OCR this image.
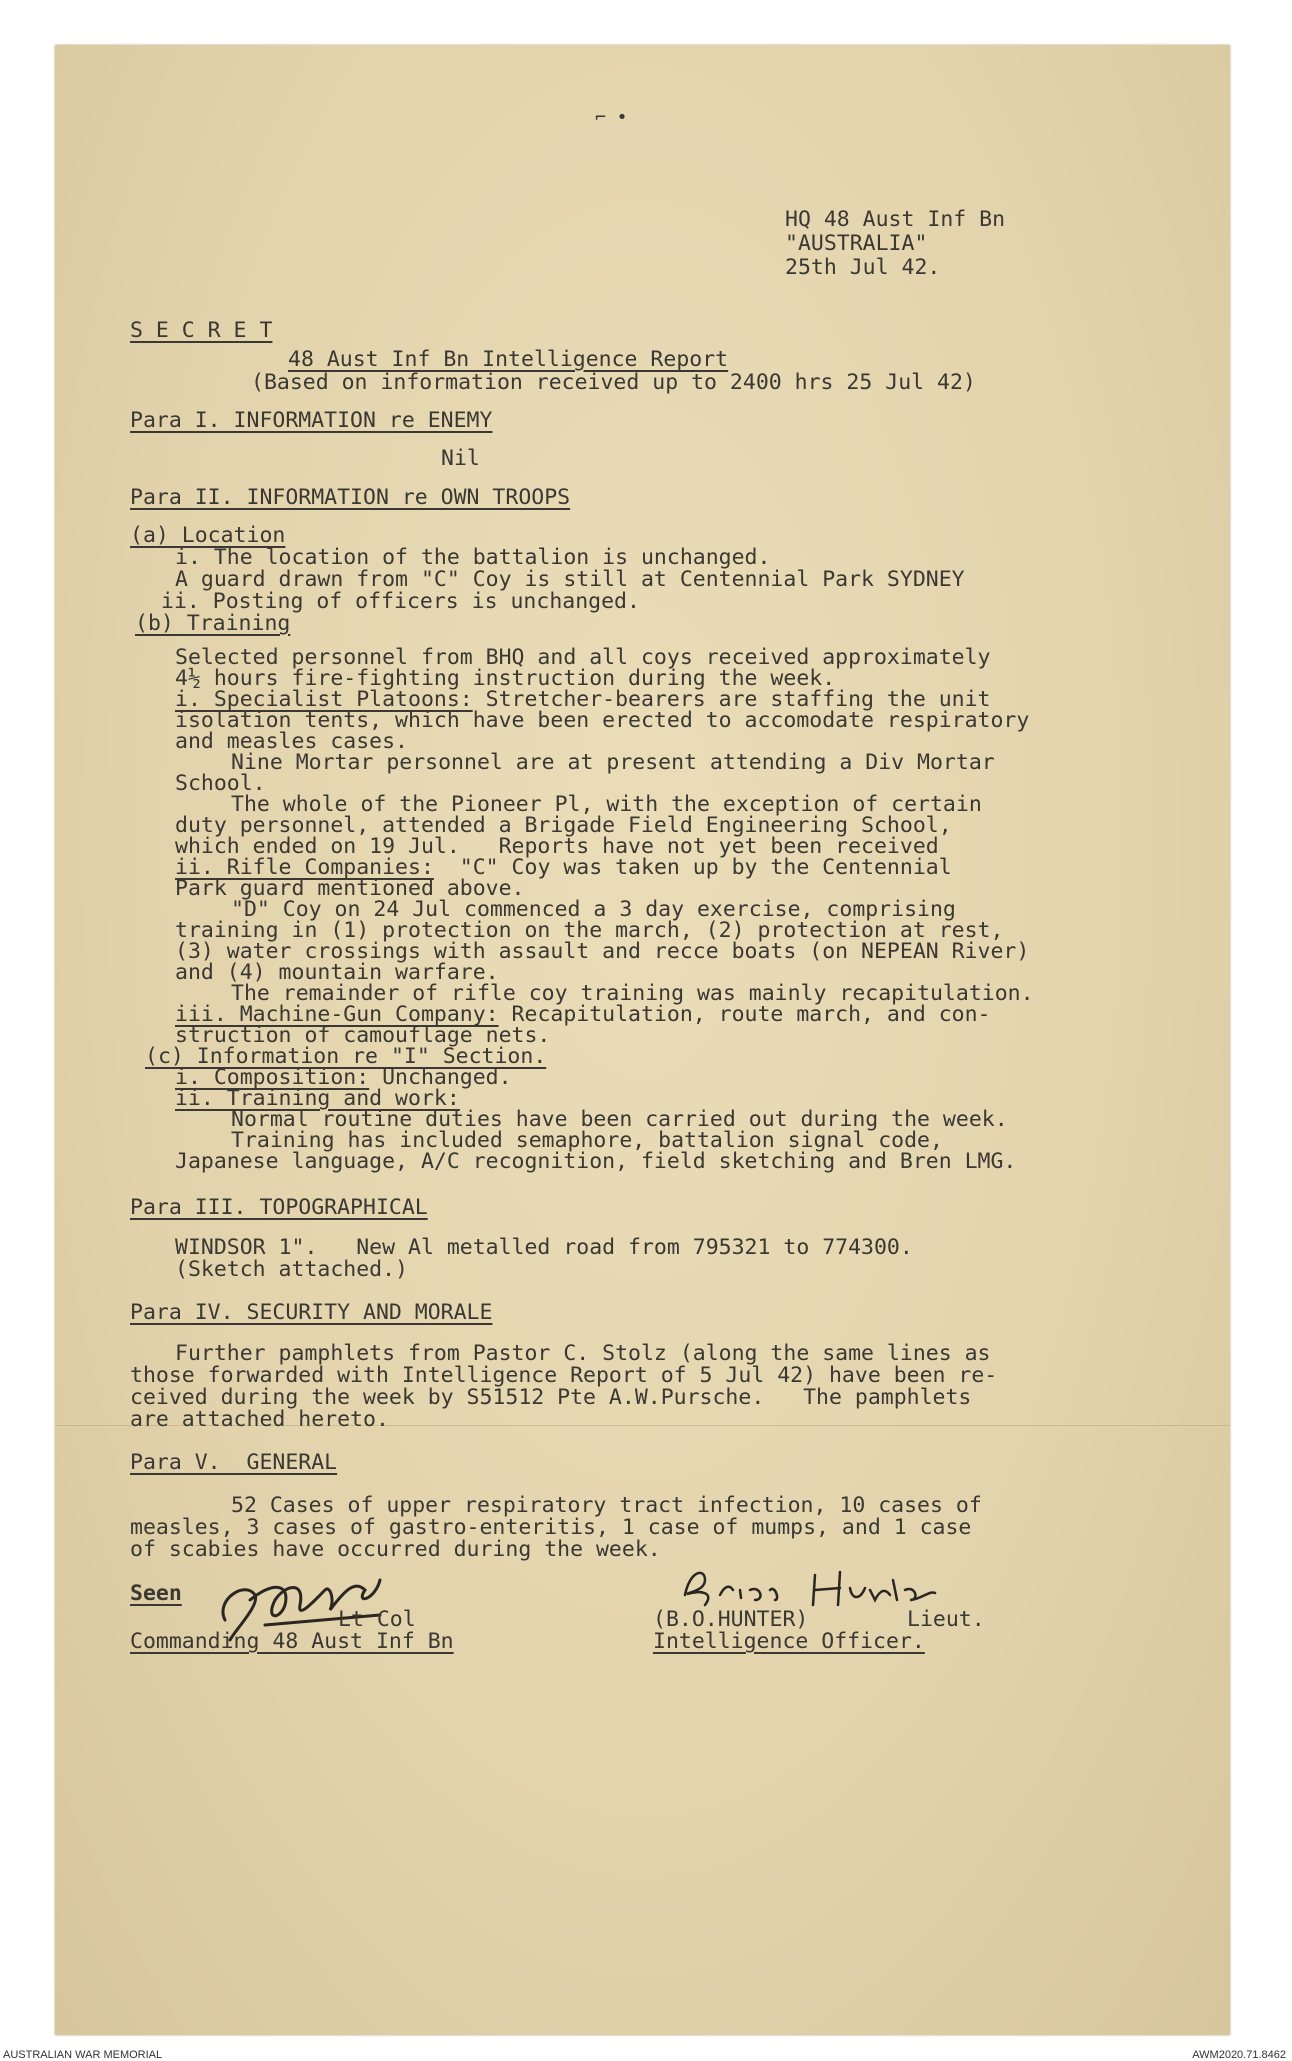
⌐ •
HQ 48 Aust Inf Bn
"AUSTRALIA"
25th Jul 42.
S E C R E T
48 Aust Inf Bn Intelligence Report
(Based on information received up to 2400 hrs 25 Jul 42)
Para I. INFORMATION re ENEMY
Nil
Para II. INFORMATION re OWN TROOPS
(a) Location
i. The location of the battalion is unchanged.
A guard drawn from "C" Coy is still at Centennial Park SYDNEY
ii. Posting of officers is unchanged.
(b) Training
Selected personnel from BHQ and all coys received approximately
4½ hours fire-fighting instruction during the week.
i. Specialist Platoons: Stretcher-bearers are staffing the unit
isolation tents, which have been erected to accomodate respiratory
and measles cases.
Nine Mortar personnel are at present attending a Div Mortar
School.
The whole of the Pioneer Pl, with the exception of certain
duty personnel, attended a Brigade Field Engineering School,
which ended on 19 Jul.   Reports have not yet been received
ii. Rifle Companies:  "C" Coy was taken up by the Centennial
Park guard mentioned above.
"D" Coy on 24 Jul commenced a 3 day exercise, comprising
training in (1) protection on the march, (2) protection at rest,
(3) water crossings with assault and recce boats (on NEPEAN River)
and (4) mountain warfare.
The remainder of rifle coy training was mainly recapitulation.
iii. Machine-Gun Company: Recapitulation, route march, and con-
struction of camouflage nets.
(c) Information re "I" Section.
i. Composition: Unchanged.
ii. Training and work:
Normal routine duties have been carried out during the week.
Training has included semaphore, battalion signal code,
Japanese language, A/C recognition, field sketching and Bren LMG.
Para III. TOPOGRAPHICAL
WINDSOR 1".   New Al metalled road from 795321 to 774300.
(Sketch attached.)
Para IV. SECURITY AND MORALE
Further pamphlets from Pastor C. Stolz (along the same lines as
those forwarded with Intelligence Report of 5 Jul 42) have been re-
ceived during the week by S51512 Pte A.W.Pursche.   The pamphlets
are attached hereto.
Para V.  GENERAL
52 Cases of upper respiratory tract infection, 10 cases of
measles, 3 cases of gastro-enteritis, 1 case of mumps, and 1 case
of scabies have occurred during the week.
Seen
Lt Col
Commanding 48 Aust Inf Bn
(B.O.HUNTER)	Lieut.
Intelligence Officer.
AUSTRALIAN WAR MEMORIAL	AWM2020.71.8462
